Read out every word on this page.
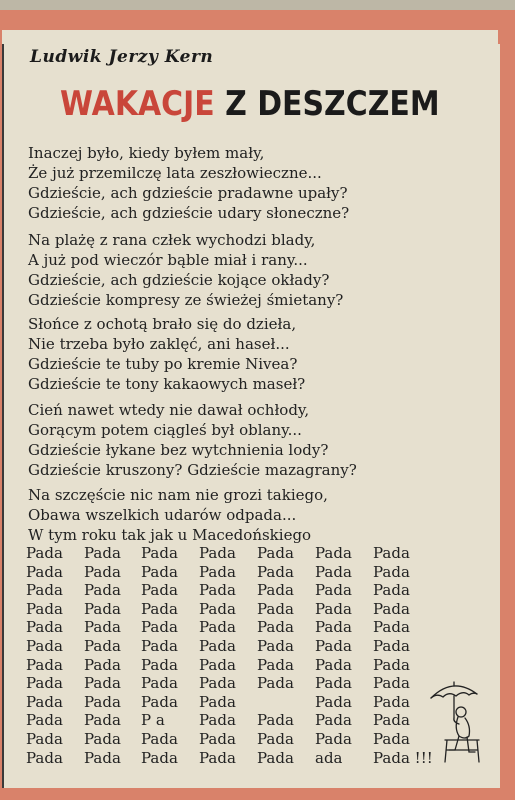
Ludwik Jerzy Kern
WAKACJE Z DESZCZEM
Inaczej było, kiedy byłem mały,
Że już przemilczę lata zeszłowieczne...
Gdzieście, ach gdzieście pradawne upały?
Gdzieście, ach gdzieście udary słoneczne?
Na plażę z rana człek wychodzi blady,
A już pod wieczór bąble miał i rany...
Gdzieście, ach gdzieście kojące okłady?
Gdzieście kompresy ze świeżej śmietany?
Słońce z ochotą brało się do dzieła,
Nie trzeba było zaklęć, ani haseł...
Gdzieście te tuby po kremie Nivea?
Gdzieście te tony kakaowych maseł?
Cień nawet wtedy nie dawał ochłody,
Gorącym potem ciągleś był oblany...
Gdzieście łykane bez wytchnienia lody?
Gdzieście kruszony? Gdzieście mazagrany?
Na szczęście nic nam nie grozi takiego,
Obawa wszelkich udarów odpada...
W tym roku tak jak u Macedońskiego
Pada Pada Pada Pada Pada Pada Pada
Pada Pada Pada Pada Pada Pada Pada
Pada Pada Pada Pada Pada Pada Pada
Pada Pada Pada Pada Pada Pada Pada
Pada Pada Pada Pada Pada Pada Pada
Pada Pada Pada Pada Pada Pada Pada
Pada Pada Pada Pada Pada Pada Pada
Pada Pada Pada Pada Pada Pada Pada
Pada Pada Pada Pada	Pada Pada
Pada Pada P a Pada Pada Pada Pada
Pada Pada Pada Pada Pada Pada Pada
Pada Pada Pada Pada Pada ada Pada !!!
